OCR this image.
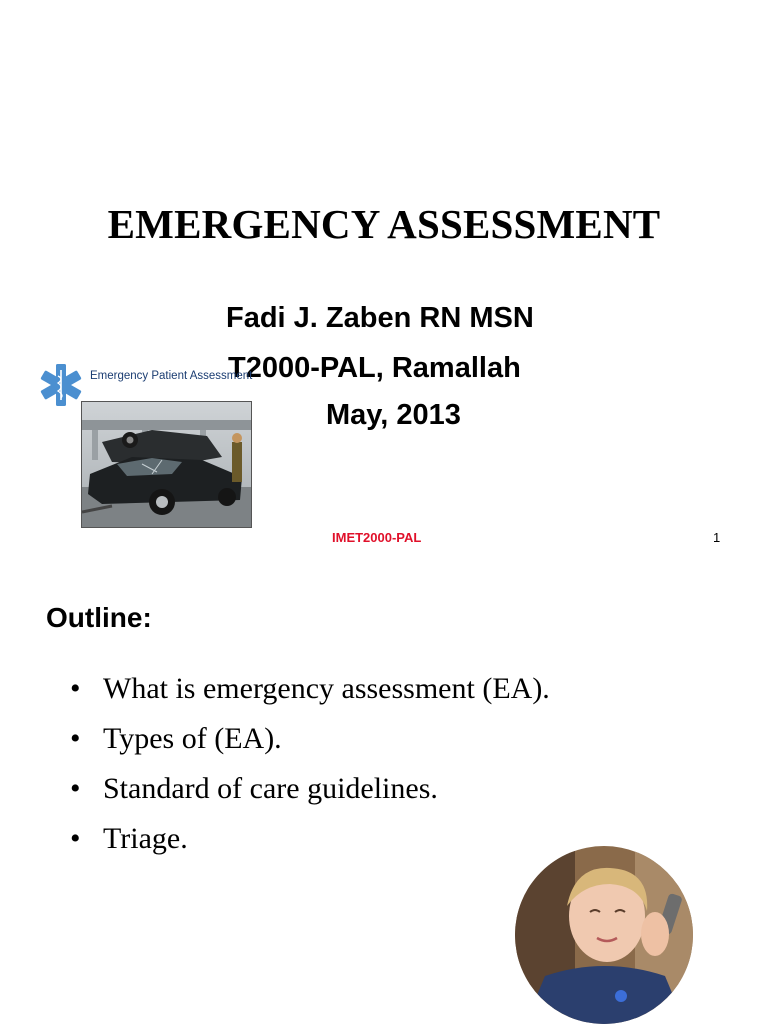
EMERGENCY ASSESSMENT

Fadi J. Zaben RN MSN

T2000-PAL, Ramallah

May, 2013

Emergency Patient Assessment
IMET2000-PAL	1
Outline:
• What is emergency assessment (EA).
• Types of (EA).
• Standard of care guidelines.
• Triage.
